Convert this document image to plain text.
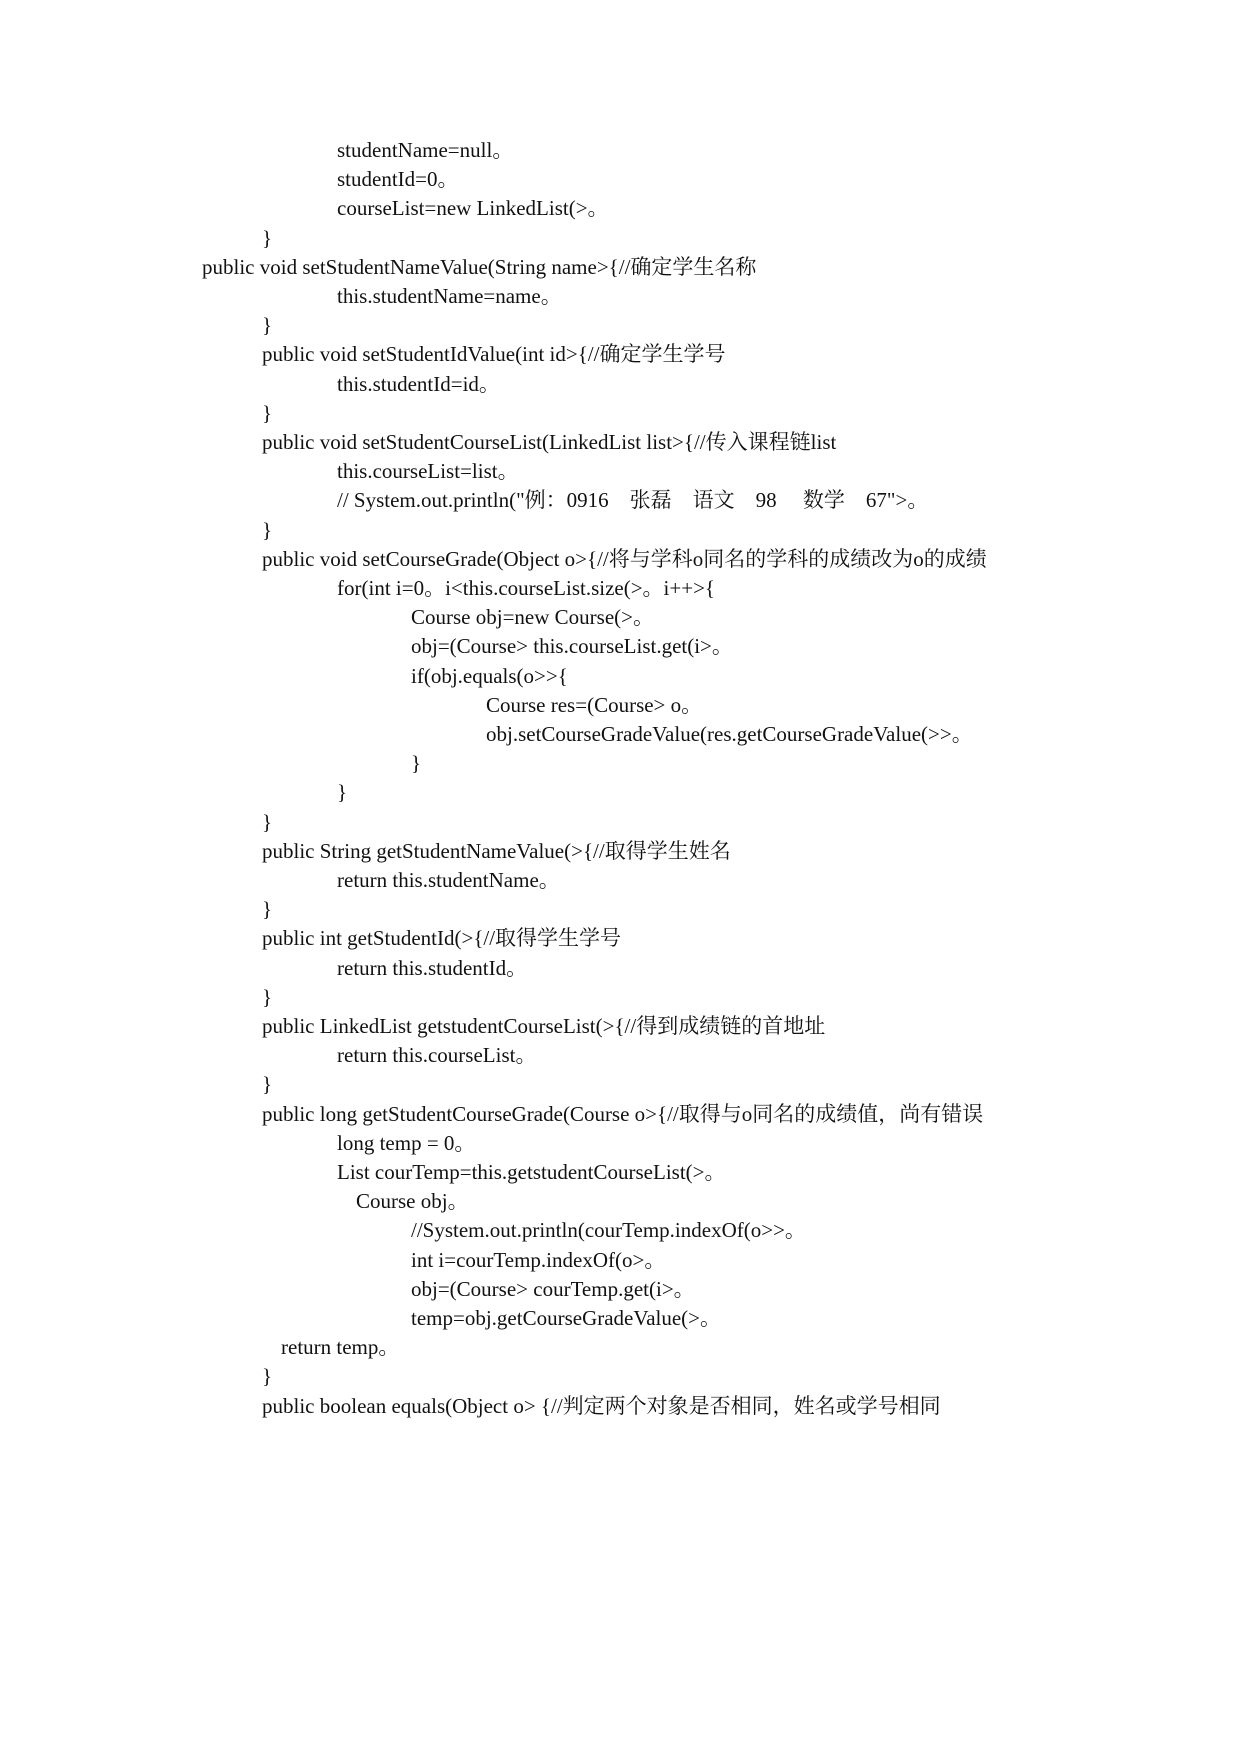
studentName=null。
studentId=0。
courseList=new LinkedList(>。
}
public void setStudentNameValue(String name>{//确定学生名称
this.studentName=name。
}
public void setStudentIdValue(int id>{//确定学生学号
this.studentId=id。
}
public void setStudentCourseList(LinkedList list>{//传入课程链list
this.courseList=list。
// System.out.println("例：0916　张磊　语文　98　 数学　67">。
}
public void setCourseGrade(Object o>{//将与学科o同名的学科的成绩改为o的成绩
for(int i=0。i<this.courseList.size(>。i++>{
Course obj=new Course(>。
obj=(Course> this.courseList.get(i>。
if(obj.equals(o>>{
Course res=(Course> o。
obj.setCourseGradeValue(res.getCourseGradeValue(>>。
}
}
}
public String getStudentNameValue(>{//取得学生姓名
return this.studentName。
}
public int getStudentId(>{//取得学生学号
return this.studentId。
}
public LinkedList getstudentCourseList(>{//得到成绩链的首地址
return this.courseList。
}
public long getStudentCourseGrade(Course o>{//取得与o同名的成绩值，尚有错误
long temp = 0。
List courTemp=this.getstudentCourseList(>。
Course obj。
//System.out.println(courTemp.indexOf(o>>。
int i=courTemp.indexOf(o>。
obj=(Course> courTemp.get(i>。
temp=obj.getCourseGradeValue(>。
return temp。
}
public boolean equals(Object o> {//判定两个对象是否相同，姓名或学号相同
